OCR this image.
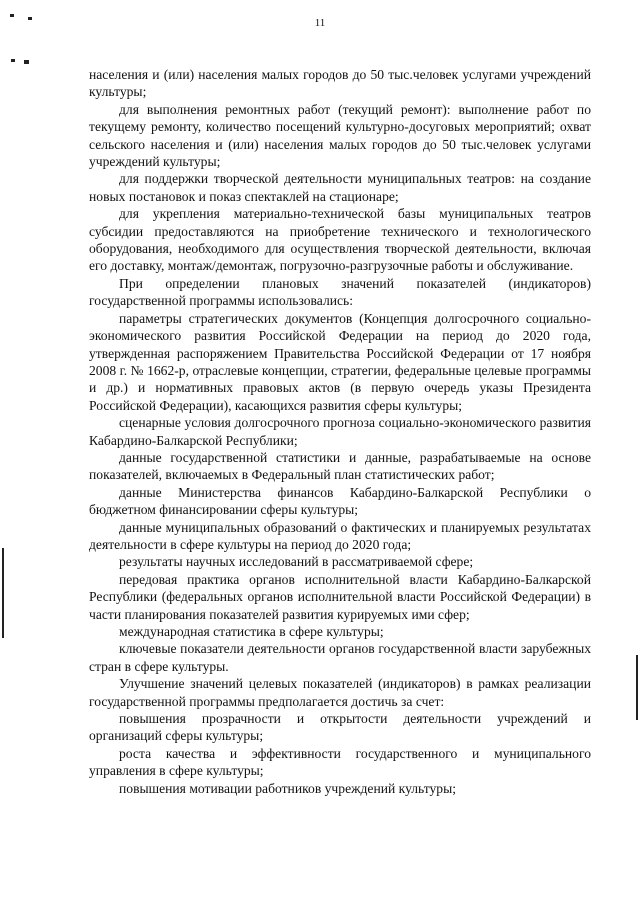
11

населения и (или) населения малых городов до 50 тыс.человек услугами учреждений культуры;

для выполнения ремонтных работ (текущий ремонт): выполнение работ по текущему ремонту, количество посещений культурно-досуговых мероприятий; охват сельского населения и (или) населения малых городов до 50 тыс.человек услугами учреждений культуры;

для поддержки творческой деятельности муниципальных театров: на создание новых постановок и показ спектаклей на стационаре;

для укрепления материально-технической базы муниципальных театров субсидии предоставляются на приобретение технического и технологического оборудования, необходимого для осуществления творческой деятельности, включая его доставку, монтаж/демонтаж, погрузочно-разгрузочные работы и обслуживание.

При определении плановых значений показателей (индикаторов) государственной программы использовались:

параметры стратегических документов (Концепция долгосрочного социально-экономического развития Российской Федерации на период до 2020 года, утвержденная распоряжением Правительства Российской Федерации от 17 ноября 2008 г. № 1662-р, отраслевые концепции, стратегии, федеральные целевые программы и др.) и нормативных правовых актов (в первую очередь указы Президента Российской Федерации), касающихся развития сферы культуры;

сценарные условия долгосрочного прогноза социально-экономического развития Кабардино-Балкарской Республики;

данные государственной статистики и данные, разрабатываемые на основе показателей, включаемых в Федеральный план статистических работ;

данные Министерства финансов Кабардино-Балкарской Республики о бюджетном финансировании сферы культуры;

данные муниципальных образований о фактических и планируемых результатах деятельности в сфере культуры на период до 2020 года;

результаты научных исследований в рассматриваемой сфере;

передовая практика органов исполнительной власти Кабардино-Балкарской Республики (федеральных органов исполнительной власти Российской Федерации) в части планирования показателей развития курируемых ими сфер;

международная статистика в сфере культуры;

ключевые показатели деятельности органов государственной власти зарубежных стран в сфере культуры.

Улучшение значений целевых показателей (индикаторов) в рамках реализации государственной программы предполагается достичь за счет:

повышения прозрачности и открытости деятельности учреждений и организаций сферы культуры;

роста качества и эффективности государственного и муниципального управления в сфере культуры;

повышения мотивации работников учреждений культуры;
